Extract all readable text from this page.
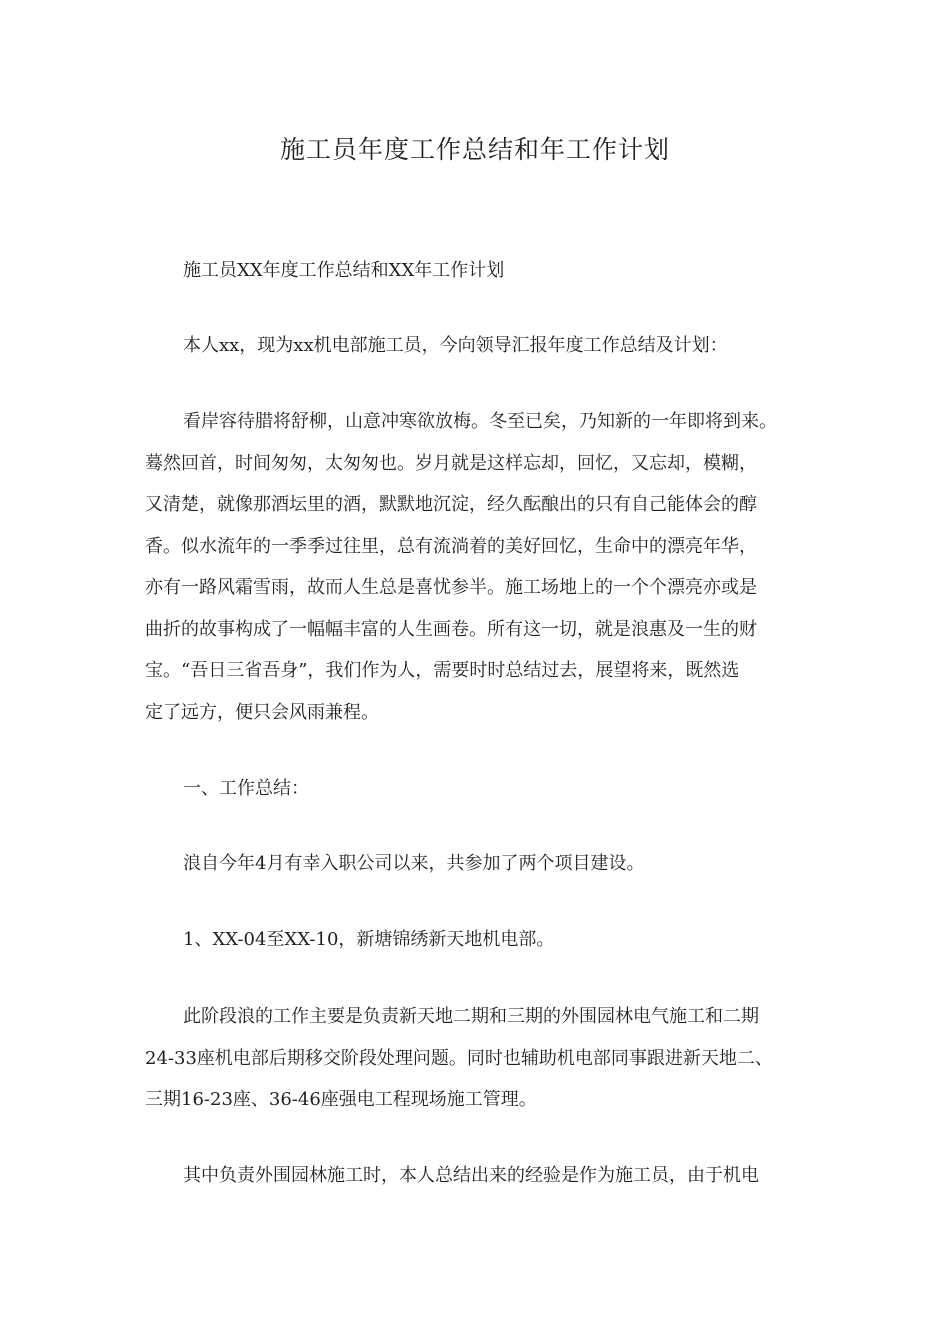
施工员年度工作总结和年工作计划

施工员XX年度工作总结和XX年工作计划

本人xx，现为xx机电部施工员，今向领导汇报年度工作总结及计划：

看岸容待腊将舒柳，山意冲寒欲放梅。冬至已矣，乃知新的一年即将到来。
蓦然回首，时间匆匆，太匆匆也。岁月就是这样忘却，回忆，又忘却，模糊，
又清楚，就像那酒坛里的酒，默默地沉淀，经久酝酿出的只有自己能体会的醇
香。似水流年的一季季过往里，总有流淌着的美好回忆，生命中的漂亮年华，
亦有一路风霜雪雨，故而人生总是喜忧参半。施工场地上的一个个漂亮亦或是
曲折的故事构成了一幅幅丰富的人生画卷。所有这一切，就是浪惠及一生的财
宝。“吾日三省吾身”，我们作为人，需要时时总结过去，展望将来，既然选
定了远方，便只会风雨兼程。

一、工作总结：

浪自今年4月有幸入职公司以来，共参加了两个项目建设。

1、XX-04至XX-10，新塘锦绣新天地机电部。

此阶段浪的工作主要是负责新天地二期和三期的外围园林电气施工和二期
24-33座机电部后期移交阶段处理问题。同时也辅助机电部同事跟进新天地二、
三期16-23座、36-46座强电工程现场施工管理。

其中负责外围园林施工时，本人总结出来的经验是作为施工员，由于机电
